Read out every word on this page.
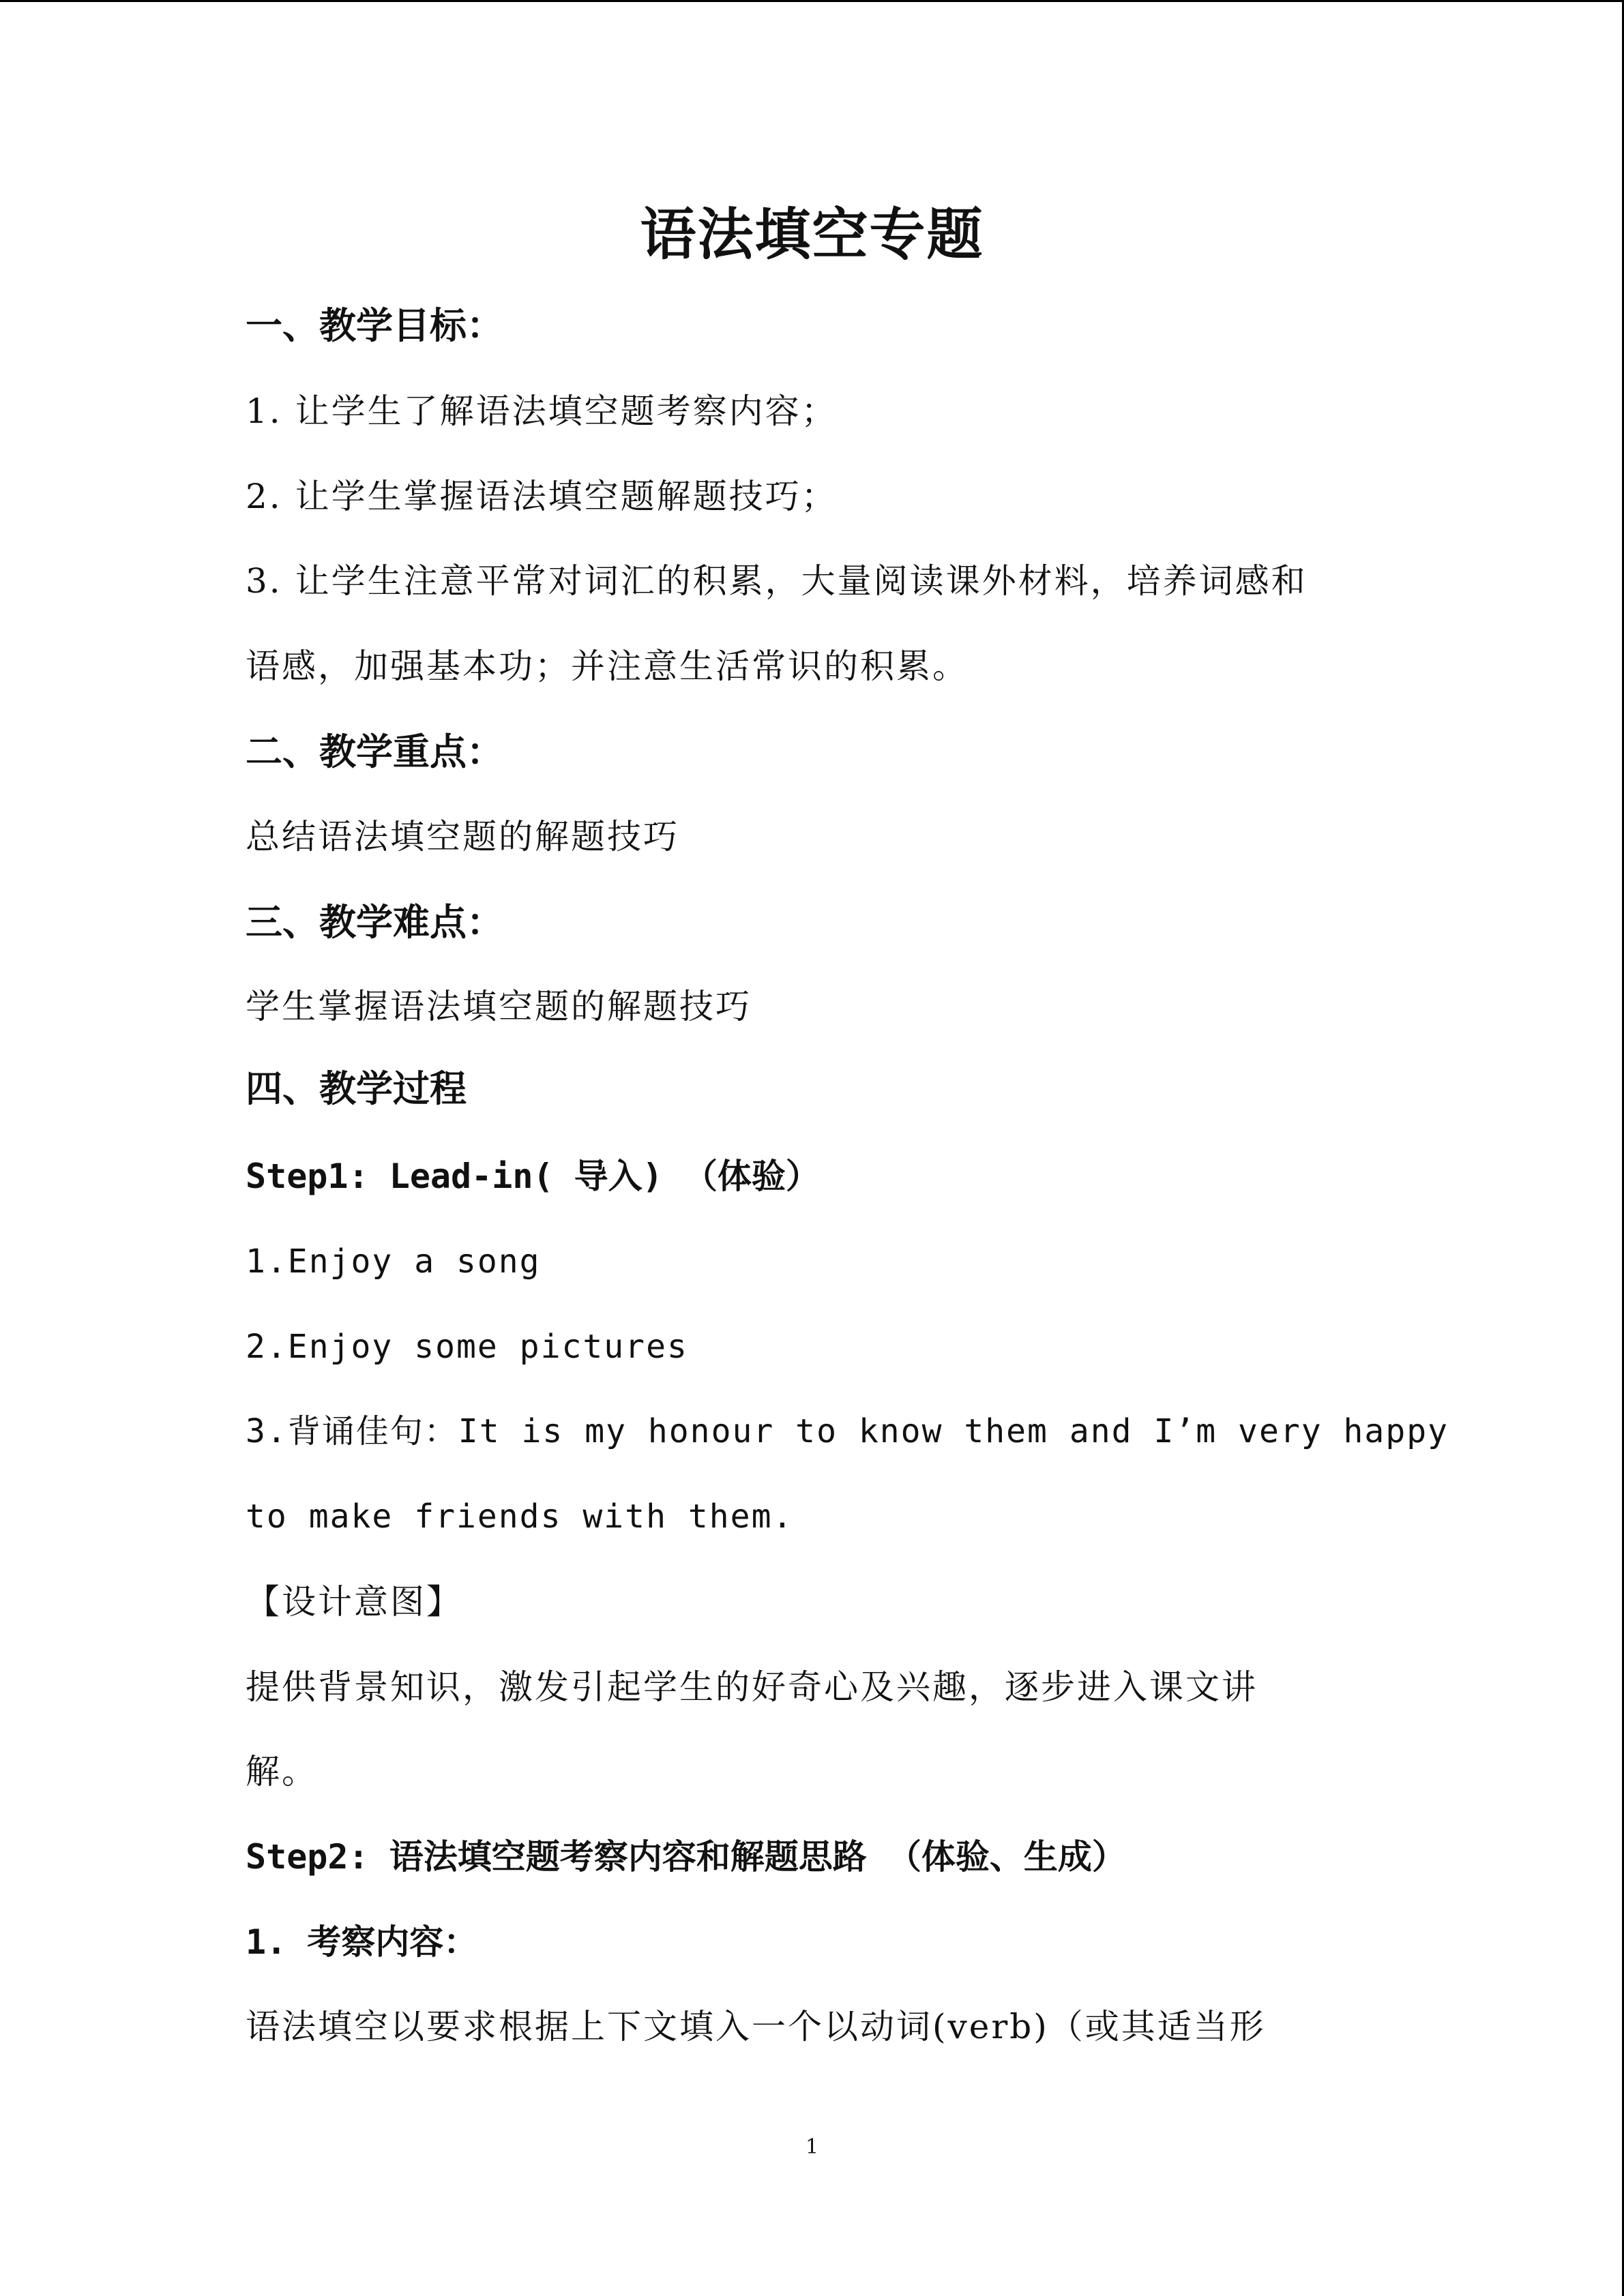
语法填空专题
一、教学目标：
1. 让学生了解语法填空题考察内容；
2. 让学生掌握语法填空题解题技巧；
3. 让学生注意平常对词汇的积累，大量阅读课外材料，培养词感和
语感，加强基本功；并注意生活常识的积累。
二、教学重点：
总结语法填空题的解题技巧
三、教学难点：
学生掌握语法填空题的解题技巧
四、教学过程
Step1: Lead-in( 导入) （体验）
1.Enjoy a song
2.Enjoy some pictures
3.背诵佳句：It is my honour to know them and I’m very happy
to make friends with them.
【设计意图】
提供背景知识，激发引起学生的好奇心及兴趣，逐步进入课文讲
解。
Step2: 语法填空题考察内容和解题思路 （体验、生成）
1. 考察内容：
语法填空以要求根据上下文填入一个以动词(verb)（或其适当形
1
